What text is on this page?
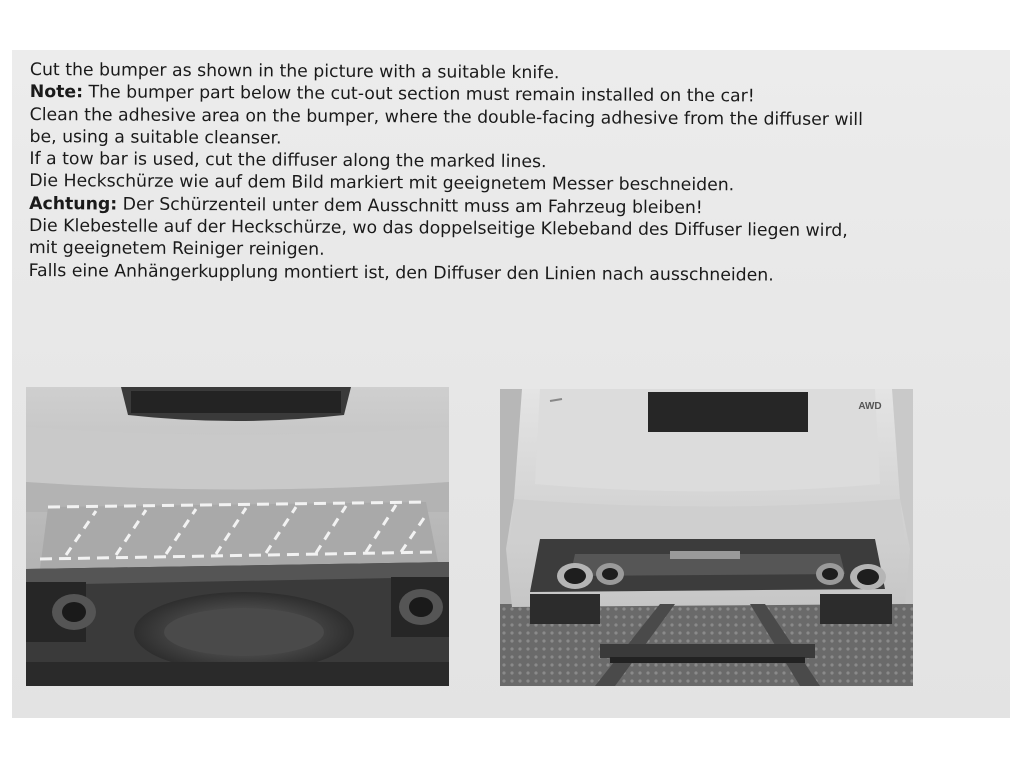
Cut the bumper as shown in the picture with a suitable knife.
Note: The bumper part below the cut-out section must remain installed on the car!
Clean the adhesive area on the bumper, where the double-facing adhesive from the diffuser will
be, using a suitable cleanser.
If a tow bar is used, cut the diffuser along the marked lines.
Die Heckschürze wie auf dem Bild markiert mit geeignetem Messer beschneiden.
Achtung: Der Schürzenteil unter dem Ausschnitt muss am Fahrzeug bleiben!
Die Klebestelle auf der Heckschürze, wo das doppelseitige Klebeband des Diffuser liegen wird,
mit geeignetem Reiniger reinigen.
Falls eine Anhängerkupplung montiert ist, den Diffuser den Linien nach ausschneiden.
AWD
